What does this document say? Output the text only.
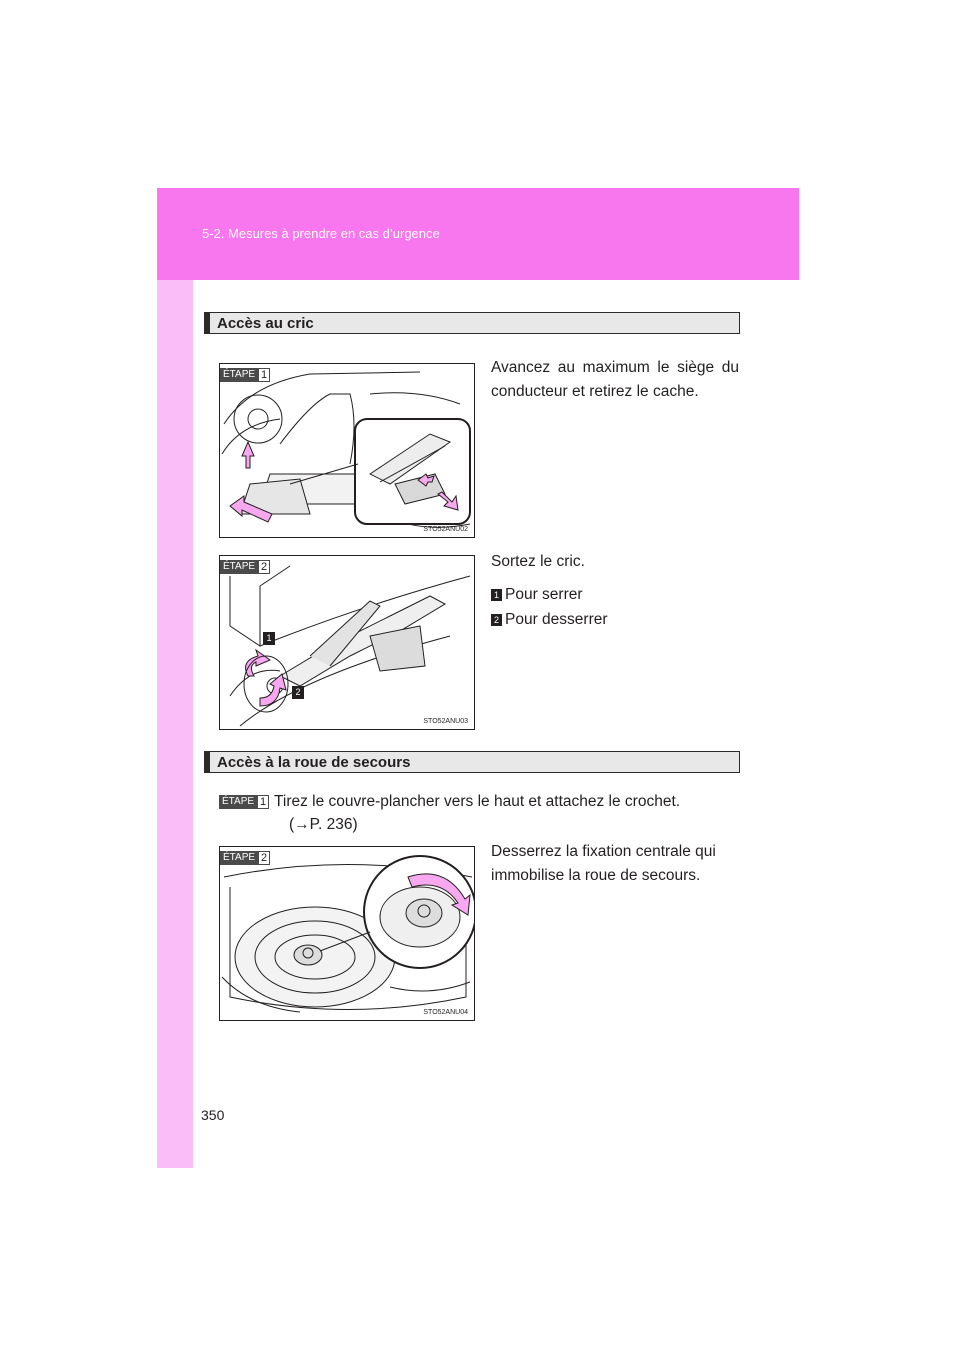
5-2. Mesures à prendre en cas d’urgence
Accès au cric
ÉTAPE 1
STO52ANU02
Avancez au maximum le siège du conducteur et retirez le cache.
ÉTAPE 2
1
2
STO52ANU03
Sortez le cric.
1 Pour serrer
2 Pour desserrer
Accès à la roue de secours
ÉTAPE 1 Tirez le couvre-plancher vers le haut et attachez le crochet.
(→P. 236)
ÉTAPE 2
STO52ANU04
Desserrez la fixation centrale qui immobilise la roue de secours.
350
